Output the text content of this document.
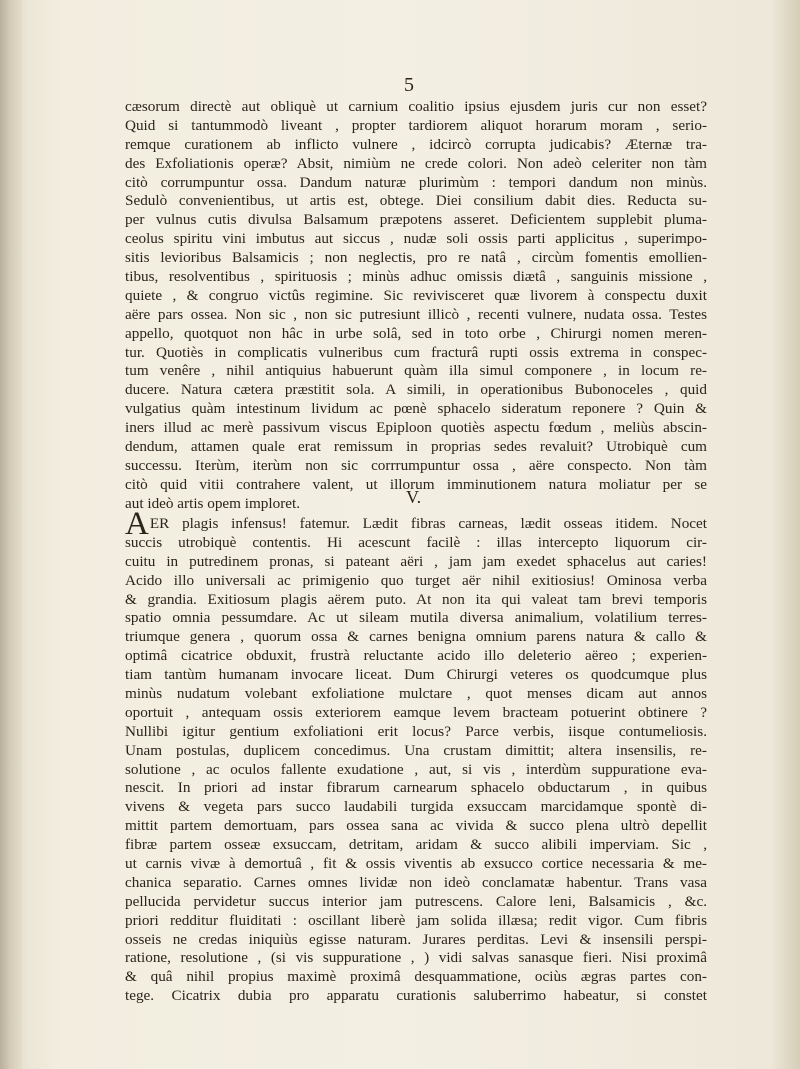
5

cæsorum directè aut obliquè ut carnium coalitio ipsius ejusdem juris cur non esset?
Quid si tantummodò liveant , propter tardiorem aliquot horarum moram , serio-
remque curationem ab inflicto vulnere , idcircò corrupta judicabis? Æternæ tra-
des Exfoliationis operæ? Absit, nimiùm ne crede colori. Non adeò celeriter non tàm
citò corrumpuntur ossa. Dandum naturæ plurimùm : tempori dandum non minùs.
Sedulò convenientibus, ut artis est, obtege. Diei consilium dabit dies. Reducta su-
per vulnus cutis divulsa Balsamum præpotens asseret. Deficientem supplebit pluma-
ceolus spiritu vini imbutus aut siccus , nudæ soli ossis parti applicitus , superimpo-
sitis levioribus Balsamicis ; non neglectis, pro re natâ , circùm fomentis emollien-
tibus, resolventibus , spirituosis ; minùs adhuc omissis diætâ , sanguinis missione ,
quiete , & congruo victûs regimine. Sic revivisceret quæ livorem à conspectu duxit
aëre pars ossea. Non sic , non sic putresiunt illicò , recenti vulnere, nudata ossa. Testes
appello, quotquot non hâc in urbe solâ, sed in toto orbe , Chirurgi nomen meren-
tur. Quotiès in complicatis vulneribus cum fracturâ rupti ossis extrema in conspec-
tum venêre , nihil antiquius habuerunt quàm illa simul componere , in locum re-
ducere. Natura cætera præstitit sola. A simili, in operationibus Bubonoceles , quid
vulgatius quàm intestinum lividum ac pœnè sphacelo sideratum reponere ? Quin &
iners illud ac merè passivum viscus Epiploon quotiès aspectu fœdum , meliùs abscin-
dendum, attamen quale erat remissum in proprias sedes revaluit? Utrobiquè cum
successu. Iterùm, iterùm non sic corrrumpuntur ossa , aëre conspecto. Non tàm
citò quid vitii contrahere valent, ut illorum imminutionem natura moliatur per se
aut ideò artis opem imploret.	V.

AER plagis infensus! fatemur. Lædit fibras carneas, lædit osseas itidem. Nocet
succis utrobiquè contentis. Hi acescunt facilè : illas intercepto liquorum cir-
cuitu in putredinem pronas, si pateant aëri , jam jam exedet sphacelus aut caries!
Acido illo universali ac primigenio quo turget aër nihil exitiosius! Ominosa verba
& grandia. Exitiosum plagis aërem puto. At non ita qui valeat tam brevi temporis
spatio omnia pessumdare. Ac ut sileam mutila diversa animalium, volatilium terres-
triumque genera , quorum ossa & carnes benigna omnium parens natura & callo &
optimâ cicatrice obduxit, frustrà reluctante acido illo deleterio aëreo ; experien-
tiam tantùm humanam invocare liceat. Dum Chirurgi veteres os quodcumque plus
minùs nudatum volebant exfoliatione mulctare , quot menses dicam aut annos
oportuit , antequam ossis exteriorem eamque levem bracteam potuerint obtinere ?
Nullibi igitur gentium exfoliationi erit locus? Parce verbis, iisque contumeliosis.
Unam postulas, duplicem concedimus. Una crustam dimittit; altera insensilis, re-
solutione , ac oculos fallente exudatione , aut, si vis , interdùm suppuratione eva-
nescit. In priori ad instar fibrarum carnearum sphacelo obductarum , in quibus
vivens & vegeta pars succo laudabili turgida exsuccam marcidamque spontè di-
mittit partem demortuam, pars ossea sana ac vivida & succo plena ultrò depellit
fibræ partem osseæ exsuccam, detritam, aridam & succo alibili imperviam. Sic ,
ut carnis vivæ à demortuâ , fit & ossis viventis ab exsucco cortice necessaria & me-
chanica separatio. Carnes omnes lividæ non ideò conclamatæ habentur. Trans vasa
pellucida pervidetur succus interior jam putrescens. Calore leni, Balsamicis , &c.
priori redditur fluiditati : oscillant liberè jam solida illæsa; redit vigor. Cum fibris
osseis ne credas iniquiùs egisse naturam. Jurares perditas. Levi & insensili perspi-
ratione, resolutione , (si vis suppuratione , ) vidi salvas sanasque fieri. Nisi proximâ
& quâ nihil propius maximè proximâ desquammatione, ociùs ægras partes con-
tege. Cicatrix dubia pro apparatu curationis saluberrimo habeatur, si constet
